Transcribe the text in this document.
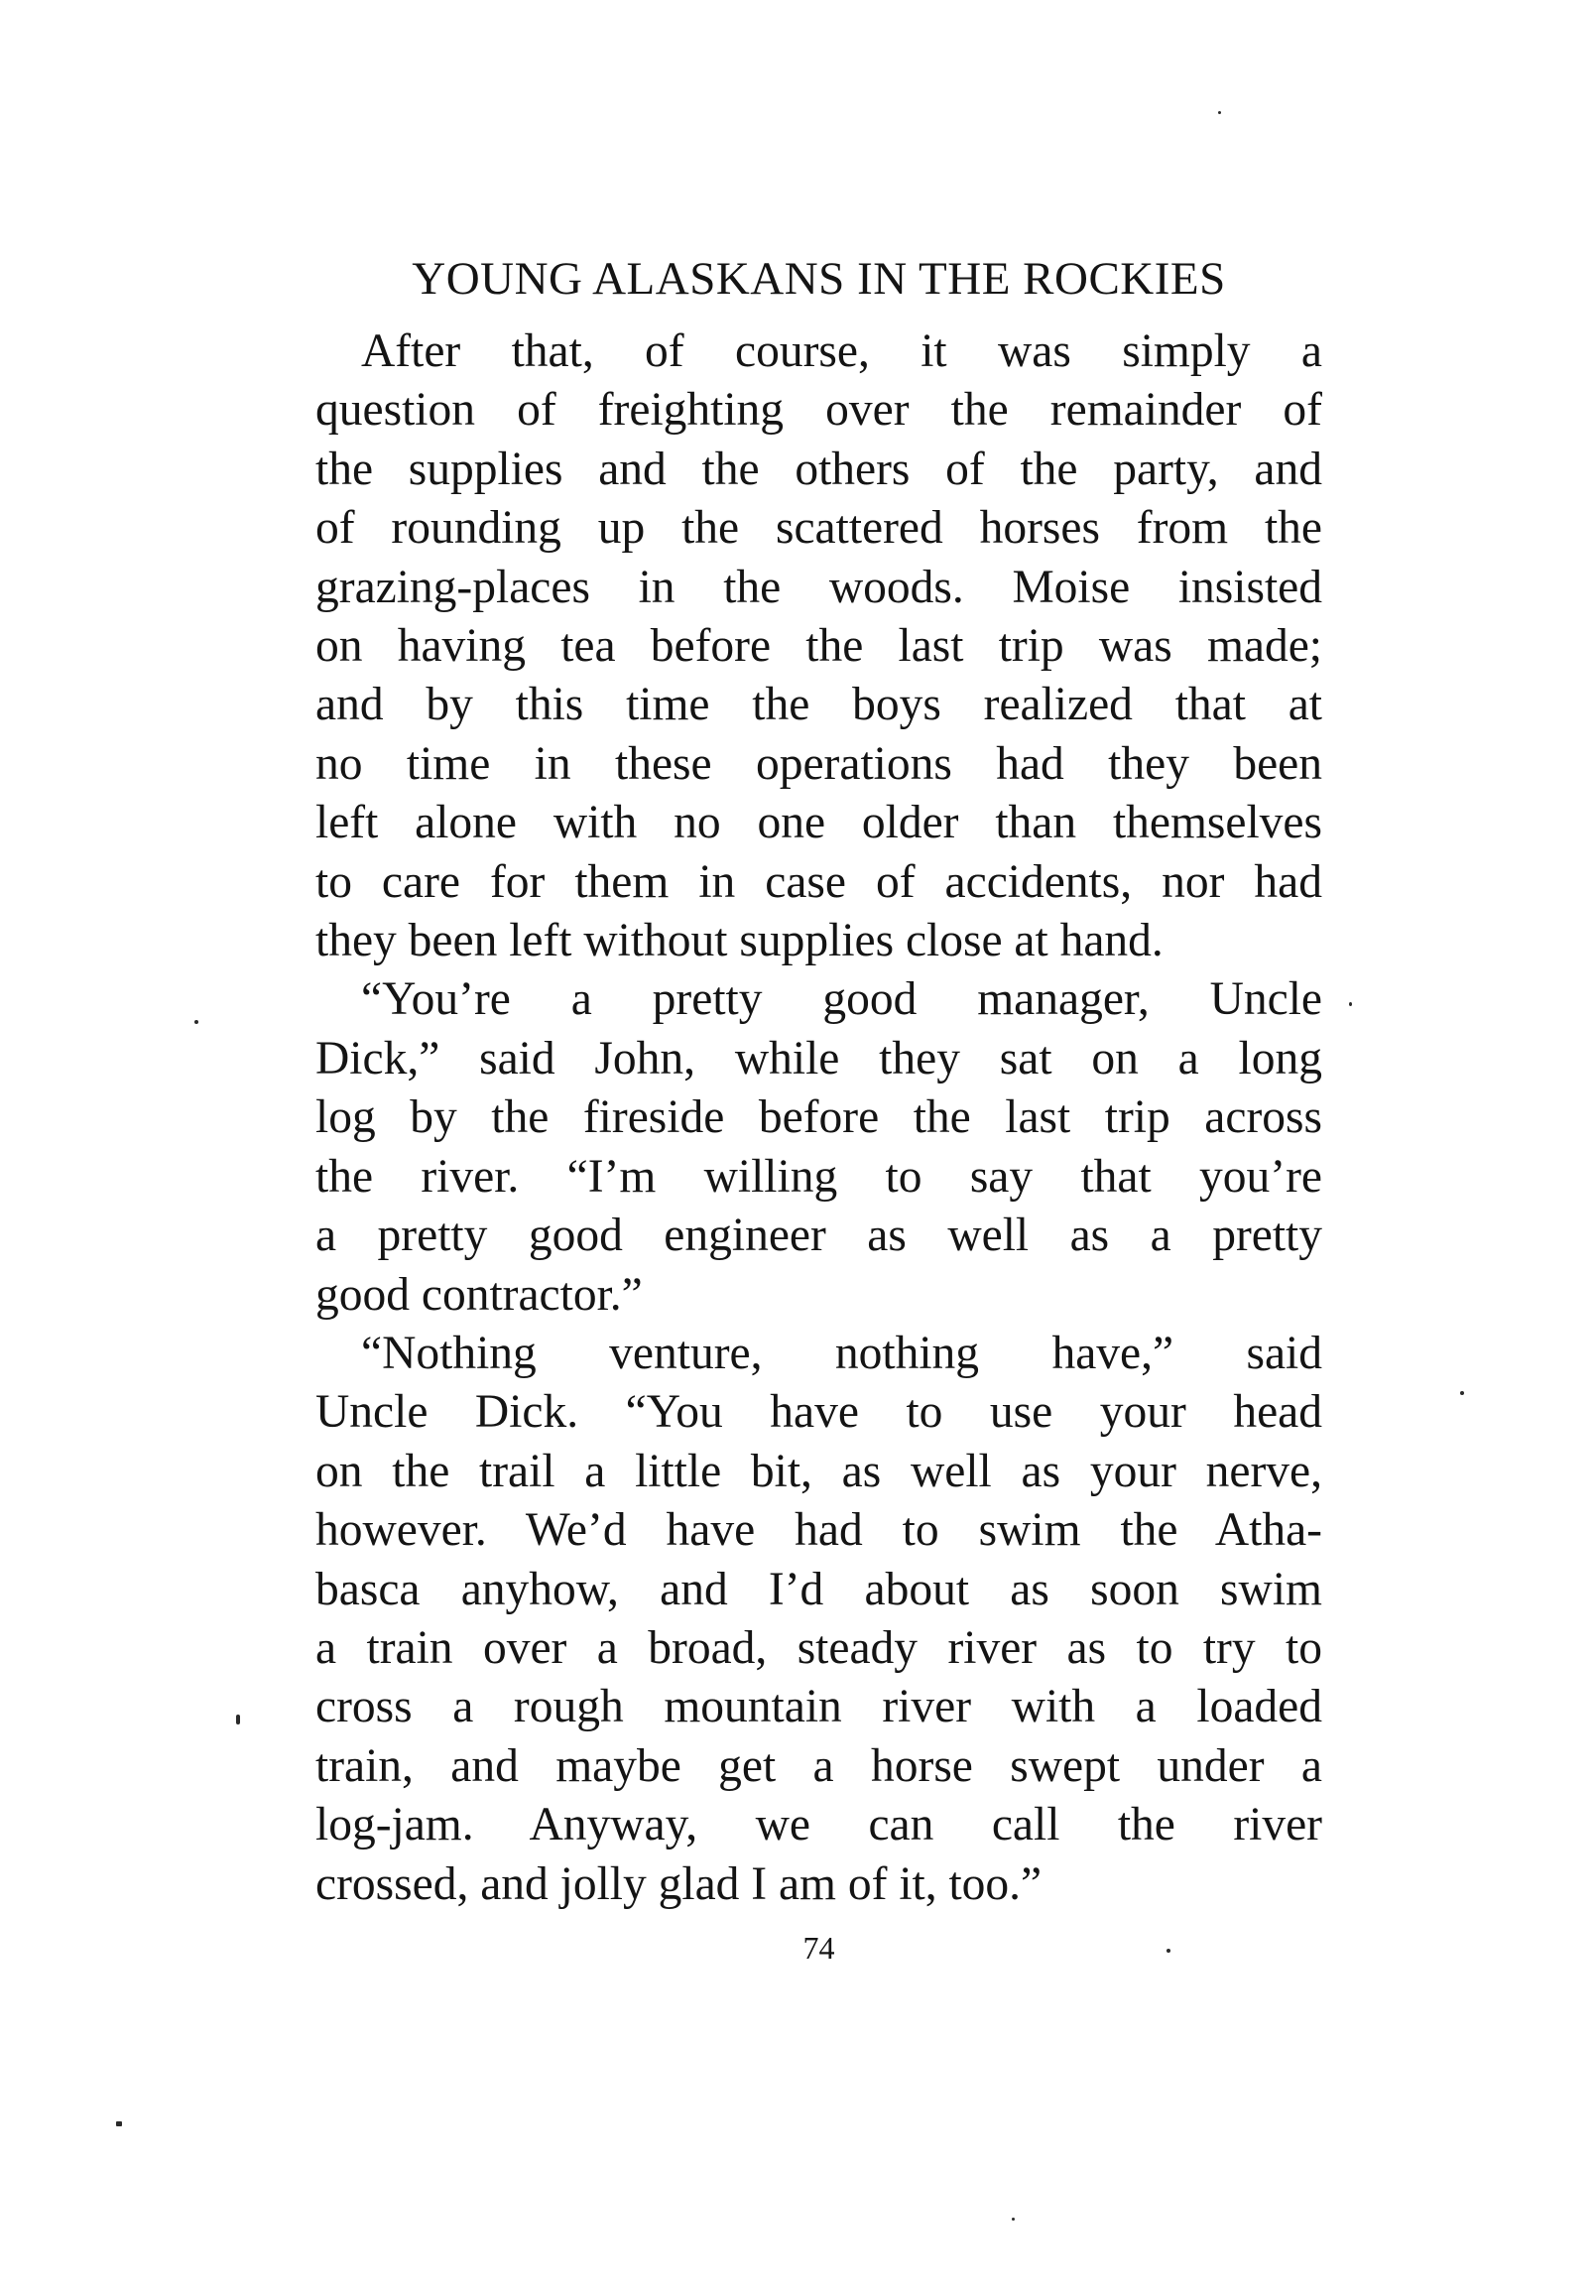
YOUNG ALASKANS IN THE ROCKIES
After that, of course, it was simply a
question of freighting over the remainder of
the supplies and the others of the party, and
of rounding up the scattered horses from the
grazing-places in the woods. Moise insisted
on having tea before the last trip was made;
and by this time the boys realized that at
no time in these operations had they been
left alone with no one older than themselves
to care for them in case of accidents, nor had
they been left without supplies close at hand.
“You’re a pretty good manager, Uncle
Dick,” said John, while they sat on a long
log by the fireside before the last trip across
the river. “I’m willing to say that you’re
a pretty good engineer as well as a pretty
good contractor.”
“Nothing venture, nothing have,” said
Uncle Dick. “You have to use your head
on the trail a little bit, as well as your nerve,
however. We’d have had to swim the Atha-
basca anyhow, and I’d about as soon swim
a train over a broad, steady river as to try to
cross a rough mountain river with a loaded
train, and maybe get a horse swept under a
log-jam. Anyway, we can call the river
crossed, and jolly glad I am of it, too.”
74
